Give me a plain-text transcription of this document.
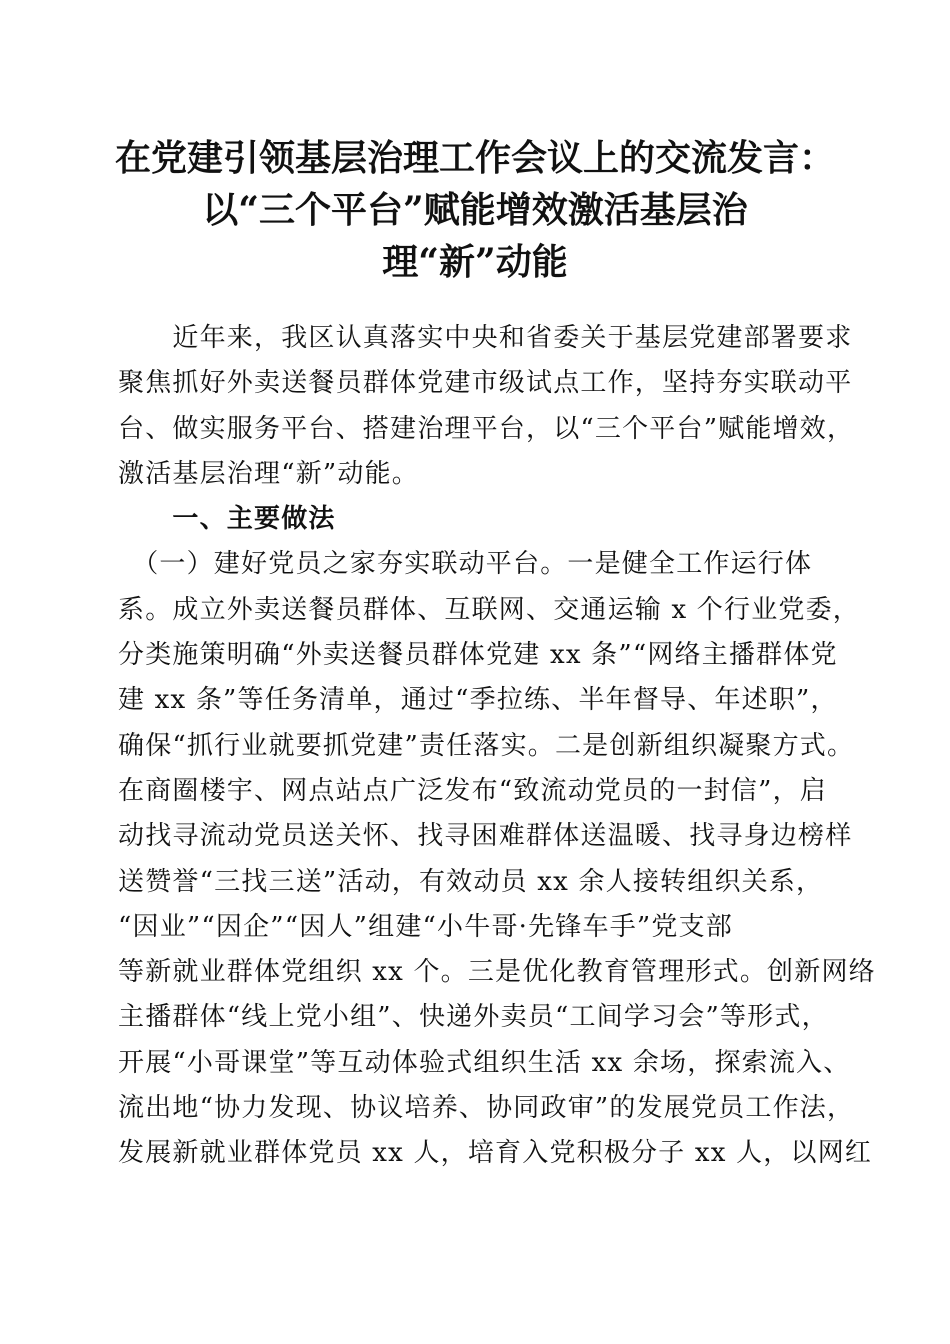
在党建引领基层治理工作会议上的交流发言：
以“三个平台”赋能增效激活基层治
理“新”动能
　　近年来，我区认真落实中央和省委关于基层党建部署要求
聚焦抓好外卖送餐员群体党建市级试点工作，坚持夯实联动平
台、做实服务平台、搭建治理平台，以“三个平台”赋能增效，
激活基层治理“新”动能。
　　一、主要做法
　（一）建好党员之家夯实联动平台。一是健全工作运行体
系。成立外卖送餐员群体、互联网、交通运输 x 个行业党委，
分类施策明确“外卖送餐员群体党建 xx 条”“网络主播群体党
建 xx 条”等任务清单，通过“季拉练、半年督导、年述职”，
确保“抓行业就要抓党建”责任落实。二是创新组织凝聚方式。
在商圈楼宇、网点站点广泛发布“致流动党员的一封信”，启
动找寻流动党员送关怀、找寻困难群体送温暖、找寻身边榜样
送赞誉“三找三送”活动，有效动员 xx 余人接转组织关系，
“因业”“因企”“因人”组建“小牛哥·先锋车手”党支部
等新就业群体党组织 xx 个。三是优化教育管理形式。创新网络
主播群体“线上党小组”、快递外卖员“工间学习会”等形式，
开展“小哥课堂”等互动体验式组织生活 xx 余场，探索流入、
流出地“协力发现、协议培养、协同政审”的发展党员工作法，
发展新就业群体党员 xx 人，培育入党积极分子 xx 人，以网红
